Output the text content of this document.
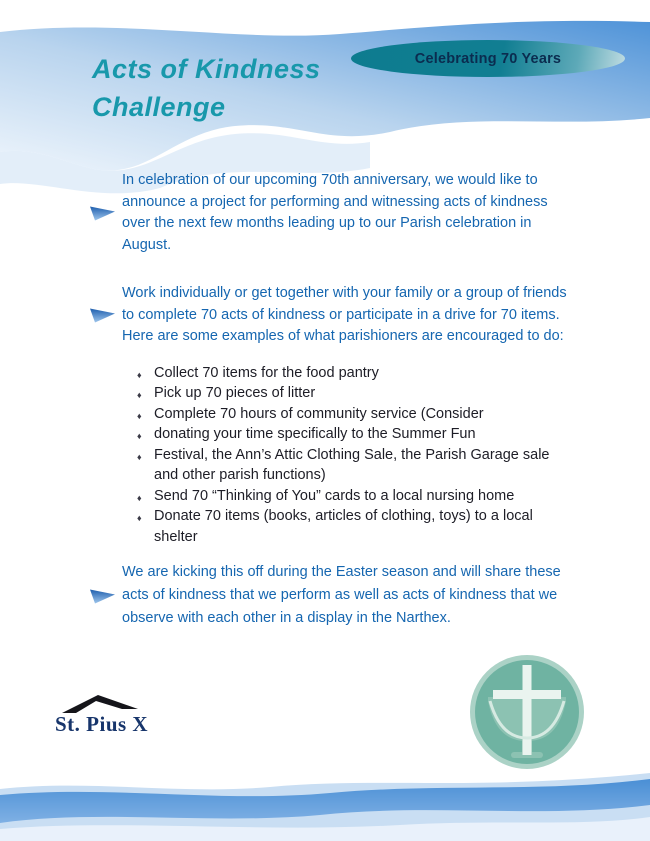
Celebrating 70 Years
Acts of Kindness
Challenge

In celebration of our upcoming 70th anniversary, we would like to announce a project for performing and witnessing acts of kindness over the next few months leading up to our Parish celebration in August.

Work individually or get together with your family or a group of friends to complete 70 acts of kindness or participate in a drive for 70 items. Here are some examples of what parishioners are encouraged to do:

♦ Collect 70 items for the food pantry
♦ Pick up 70 pieces of litter
♦ Complete 70 hours of community service (Consider
♦ donating your time specifically to the Summer Fun
♦ Festival, the Ann’s Attic Clothing Sale, the Parish Garage sale and other parish functions)
♦ Send 70 “Thinking of You” cards to a local nursing home
♦ Donate 70 items (books, articles of clothing, toys) to a local shelter

We are kicking this off during the Easter season and will share these acts of kindness that we perform as well as acts of kindness that we observe with each other in a display in the Narthex.

St. Pius X
